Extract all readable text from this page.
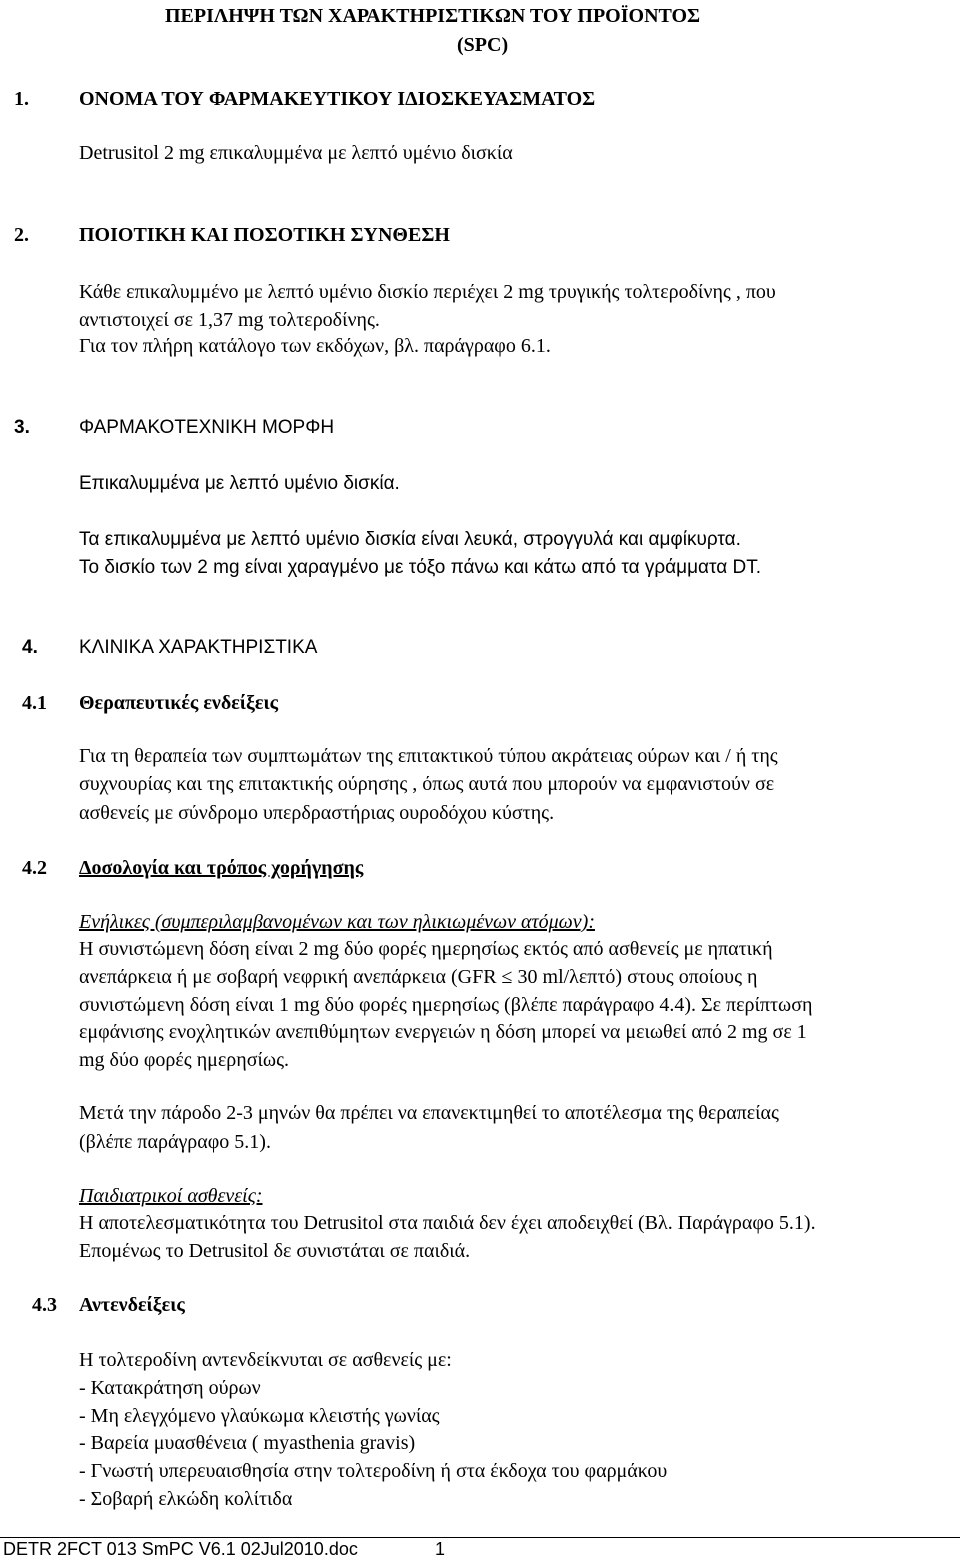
ΠΕΡΙΛΗΨΗ ΤΩΝ ΧΑΡΑΚΤΗΡΙΣΤΙΚΩΝ ΤΟΥ ΠΡΟΪΟΝΤΟΣ
(SPC)
1.	ΟΝΟΜΑ ΤΟΥ ΦΑΡΜΑΚΕΥΤΙΚΟΥ ΙΔΙΟΣΚΕΥΑΣΜΑΤΟΣ
Detrusitol 2 mg επικαλυμμένα με λεπτό υμένιο δισκία
2.	ΠΟΙΟΤΙΚΗ ΚΑΙ ΠΟΣΟΤΙΚΗ ΣΥΝΘΕΣΗ
Κάθε επικαλυμμένο με λεπτό υμένιο δισκίο περιέχει 2 mg τρυγικής τολτεροδίνης , που
αντιστοιχεί σε 1,37 mg τολτεροδίνης.
Για τον πλήρη κατάλογο των εκδόχων, βλ. παράγραφο 6.1.
3.	ΦΑΡΜΑΚΟΤΕΧΝΙΚΗ ΜΟΡΦΗ
Επικαλυμμένα με λεπτό υμένιο δισκία.
Τα επικαλυμμένα με λεπτό υμένιο δισκία είναι λευκά, στρογγυλά και αμφίκυρτα.
Το δισκίο των 2 mg είναι χαραγμένο με τόξο πάνω και κάτω από τα γράμματα DT.
4. ΚΛΙΝΙΚΑ ΧΑΡΑΚΤΗΡΙΣΤΙΚΑ
4.1 Θεραπευτικές ενδείξεις
Για τη θεραπεία των συμπτωμάτων της επιτακτικού τύπου ακράτειας ούρων και / ή της
συχνουρίας και της επιτακτικής ούρησης , όπως αυτά που μπορούν να εμφανιστούν σε
ασθενείς με σύνδρομο υπερδραστήριας ουροδόχου κύστης.
4.2 Δοσολογία και τρόπος χορήγησης
Ενήλικες (συμπεριλαμβανομένων και των ηλικιωμένων ατόμων):
Η συνιστώμενη δόση είναι 2 mg δύο φορές ημερησίως εκτός από ασθενείς με ηπατική
ανεπάρκεια ή με σοβαρή νεφρική ανεπάρκεια (GFR ≤ 30 ml/λεπτό) στους οποίους η
συνιστώμενη δόση είναι 1 mg δύο φορές ημερησίως (βλέπε παράγραφο 4.4). Σε περίπτωση
εμφάνισης ενοχλητικών ανεπιθύμητων ενεργειών η δόση μπορεί να μειωθεί από 2 mg σε 1
mg δύο φορές ημερησίως.
Μετά την πάροδο 2-3 μηνών θα πρέπει να επανεκτιμηθεί το αποτέλεσμα της θεραπείας
(βλέπε παράγραφο 5.1).
Παιδιατρικοί ασθενείς:
Η αποτελεσματικότητα του Detrusitol στα παιδιά δεν έχει αποδειχθεί (Βλ. Παράγραφο 5.1).
Επομένως το Detrusitol δε συνιστάται σε παιδιά.
4.3 Αντενδείξεις
Η τολτεροδίνη αντενδείκνυται σε ασθενείς με:
- Κατακράτηση ούρων
- Μη ελεγχόμενο γλαύκωμα κλειστής γωνίας
- Βαρεία μυασθένεια ( myasthenia gravis)
- Γνωστή υπερευαισθησία στην τολτεροδίνη ή στα έκδοχα του φαρμάκου
- Σοβαρή ελκώδη κολίτιδα
DETR 2FCT 013 SmPC V6.1 02Jul2010.doc	1
